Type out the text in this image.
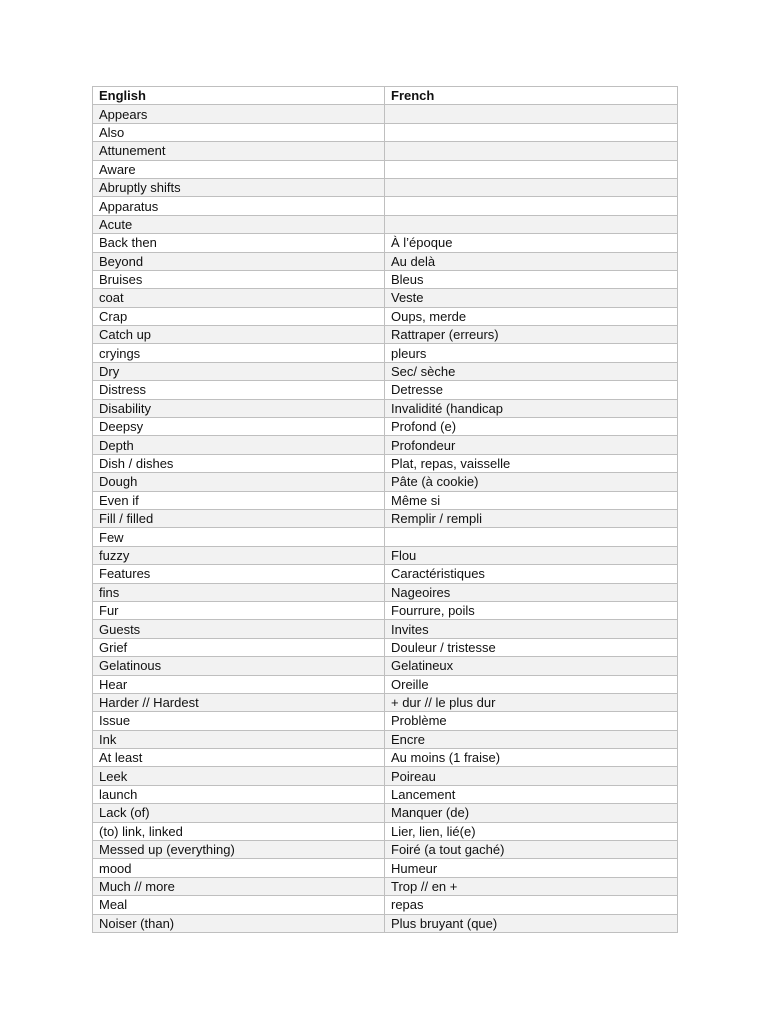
English	French
Appears	
Also	
Attunement	
Aware	
Abruptly shifts	
Apparatus	
Acute	
Back then	À l’époque
Beyond	Au delà
Bruises	Bleus
coat	Veste
Crap	Oups, merde
Catch up	Rattraper (erreurs)
cryings	pleurs
Dry	Sec/ sèche
Distress	Detresse
Disability	Invalidité (handicap
Deepsy	Profond (e)
Depth	Profondeur
Dish / dishes	Plat, repas, vaisselle
Dough	Pâte (à cookie)
Even if	Même si
Fill / filled	Remplir / rempli
Few	
fuzzy	Flou
Features	Caractéristiques
fins	Nageoires
Fur	Fourrure, poils
Guests	Invites
Grief	Douleur / tristesse
Gelatinous	Gelatineux
Hear	Oreille
Harder // Hardest	+ dur // le plus dur
Issue	Problème
Ink	Encre
At least	Au moins (1 fraise)
Leek	Poireau
launch	Lancement
Lack (of)	Manquer (de)
(to) link, linked	Lier, lien, lié(e)
Messed up (everything)	Foiré (a tout gaché)
mood	Humeur
Much // more	Trop // en +
Meal	repas
Noiser (than)	Plus bruyant (que)
